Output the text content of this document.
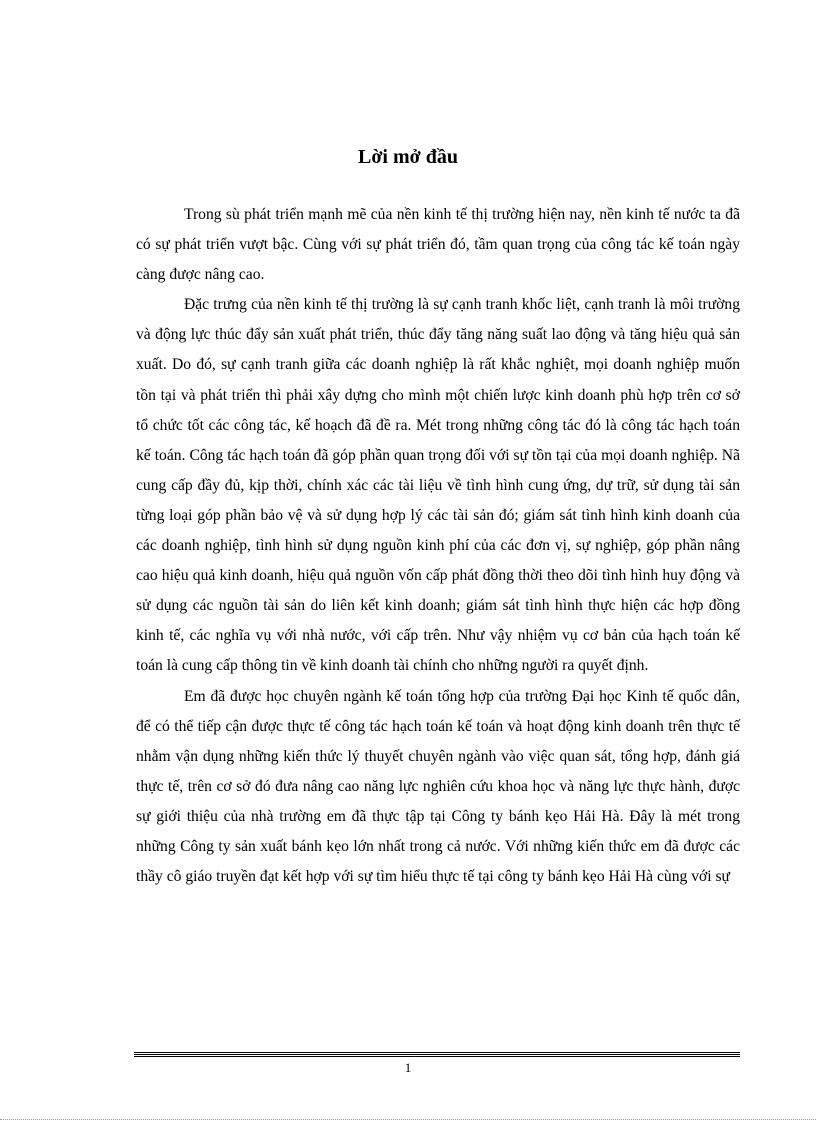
Lời mở đầu

Trong sù phát triển mạnh mẽ của nền kinh tế thị trường hiện nay, nền kinh tế nước ta đã có sự phát triển vượt bậc. Cùng với sự phát triển đó, tầm quan trọng của công tác kế toán ngày càng được nâng cao.

Đặc trưng của nền kinh tế thị trường là sự cạnh tranh khốc liệt, cạnh tranh là môi trường và động lực thúc đẩy sản xuất phát triển, thúc đẩy tăng năng suất lao động và tăng hiệu quả sản xuất. Do đó, sự cạnh tranh giữa các doanh nghiệp là rất khắc nghiệt, mọi doanh nghiệp muốn tồn tại và phát triển thì phải xây dựng cho mình một chiến lược kinh doanh phù hợp trên cơ sở tổ chức tốt các công tác, kế hoạch đã đề ra. Mét trong những công tác đó là công tác hạch toán kế toán. Công tác hạch toán đã góp phần quan trọng đối với sự tồn tại của mọi doanh nghiệp. Nã cung cấp đầy đủ, kịp thời, chính xác các tài liệu về tình hình cung ứng, dự trữ, sử dụng tài sản từng loại góp phần bảo vệ và sử dụng hợp lý các tài sản đó; giám sát tình hình kinh doanh của các doanh nghiệp, tình hình sử dụng nguồn kinh phí của các đơn vị, sự nghiệp, góp phần nâng cao hiệu quả kinh doanh, hiệu quả nguồn vốn cấp phát đồng thời theo dõi tình hình huy động và sử dụng các nguồn tài sản do liên kết kinh doanh; giám sát tình hình thực hiện các hợp đồng kinh tế, các nghĩa vụ với nhà nước, với cấp trên. Như vậy nhiệm vụ cơ bản của hạch toán kế toán là cung cấp thông tin về kinh doanh tài chính cho những người ra quyết định.

Em đã được học chuyên ngành kế toán tổng hợp của trường Đại học Kinh tế quốc dân, để có thể tiếp cận được thực tế công tác hạch toán kế toán và hoạt động kinh doanh trên thực tế nhằm vận dụng những kiến thức lý thuyết chuyên ngành vào việc quan sát, tổng hợp, đánh giá thực tế, trên cơ sở đó đưa nâng cao năng lực nghiên cứu khoa học và năng lực thực hành, được sự giới thiệu của nhà trường em đã thực tập tại Công ty bánh kẹo Hải Hà. Đây là mét trong những Công ty sản xuất bánh kẹo lớn nhất trong cả nước. Với những kiến thức em đã được các thầy cô giáo truyền đạt kết hợp với sự tìm hiểu thực tế tại công ty bánh kẹo Hải Hà cùng với sự

1
